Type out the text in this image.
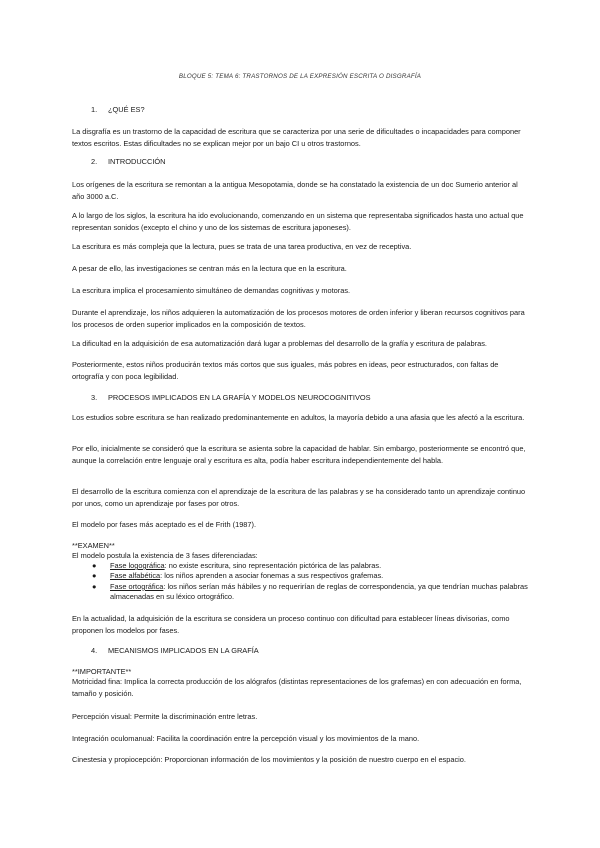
BLOQUE 5: TEMA 6: TRASTORNOS DE LA EXPRESIÓN ESCRITA O DISGRAFÍA
1. ¿QUÉ ES?
La disgrafía es un trastorno de la capacidad de escritura que se caracteriza por una serie de dificultades o incapacidades para componer textos escritos. Estas dificultades no se explican mejor por un bajo CI u otros trastornos.
2. INTRODUCCIÓN
Los orígenes de la escritura se remontan a la antigua Mesopotamia, donde se ha constatado la existencia de un doc Sumerio anterior al año 3000 a.C.
A lo largo de los siglos, la escritura ha ido evolucionando, comenzando en un sistema que representaba significados hasta uno actual que representan sonidos (excepto el chino y uno de los sistemas de escritura japoneses).
La escritura es más compleja que la lectura, pues se trata de una tarea productiva, en vez de receptiva.
A pesar de ello, las investigaciones se centran más en la lectura que en la escritura.
La escritura implica el procesamiento simultáneo de demandas cognitivas y motoras.
Durante el aprendizaje, los niños adquieren la automatización de los procesos motores de orden inferior y liberan recursos cognitivos para los procesos de orden superior implicados en la composición de textos.
La dificultad en la adquisición de esa automatización dará lugar a problemas del desarrollo de la grafía y escritura de palabras.
Posteriormente, estos niños producirán textos más cortos que sus iguales, más pobres en ideas, peor estructurados, con faltas de ortografía y con poca legibilidad.
3. PROCESOS IMPLICADOS EN LA GRAFÍA Y MODELOS NEUROCOGNITIVOS
Los estudios sobre escritura se han realizado predominantemente en adultos, la mayoría debido a una afasia que les afectó a la escritura.
Por ello, inicialmente se consideró que la escritura se asienta sobre la capacidad de hablar. Sin embargo, posteriormente se encontró que, aunque la correlación entre lenguaje oral y escritura es alta, podía haber escritura independientemente del habla.
El desarrollo de la escritura comienza con el aprendizaje de la escritura de las palabras y se ha considerado tanto un aprendizaje continuo por unos, como un aprendizaje por fases por otros.
El modelo por fases más aceptado es el de Frith (1987).
**EXAMEN**
El modelo postula la existencia de 3 fases diferenciadas:
● Fase logográfica: no existe escritura, sino representación pictórica de las palabras.
● Fase alfabética: los niños aprenden a asociar fonemas a sus respectivos grafemas.
● Fase ortográfica: los niños serían más hábiles y no requerirían de reglas de correspondencia, ya que tendrían muchas palabras almacenadas en su léxico ortográfico.
En la actualidad, la adquisición de la escritura se considera un proceso continuo con dificultad para establecer líneas divisorias, como proponen los modelos por fases.
4. MECANISMOS IMPLICADOS EN LA GRAFÍA
**IMPORTANTE**
Motricidad fina: Implica la correcta producción de los alógrafos (distintas representaciones de los grafemas) en con adecuación en forma, tamaño y posición.
Percepción visual: Permite la discriminación entre letras.
Integración oculomanual: Facilita la coordinación entre la percepción visual y los movimientos de la mano.
Cinestesia y propiocepción: Proporcionan información de los movimientos y la posición de nuestro cuerpo en el espacio.
